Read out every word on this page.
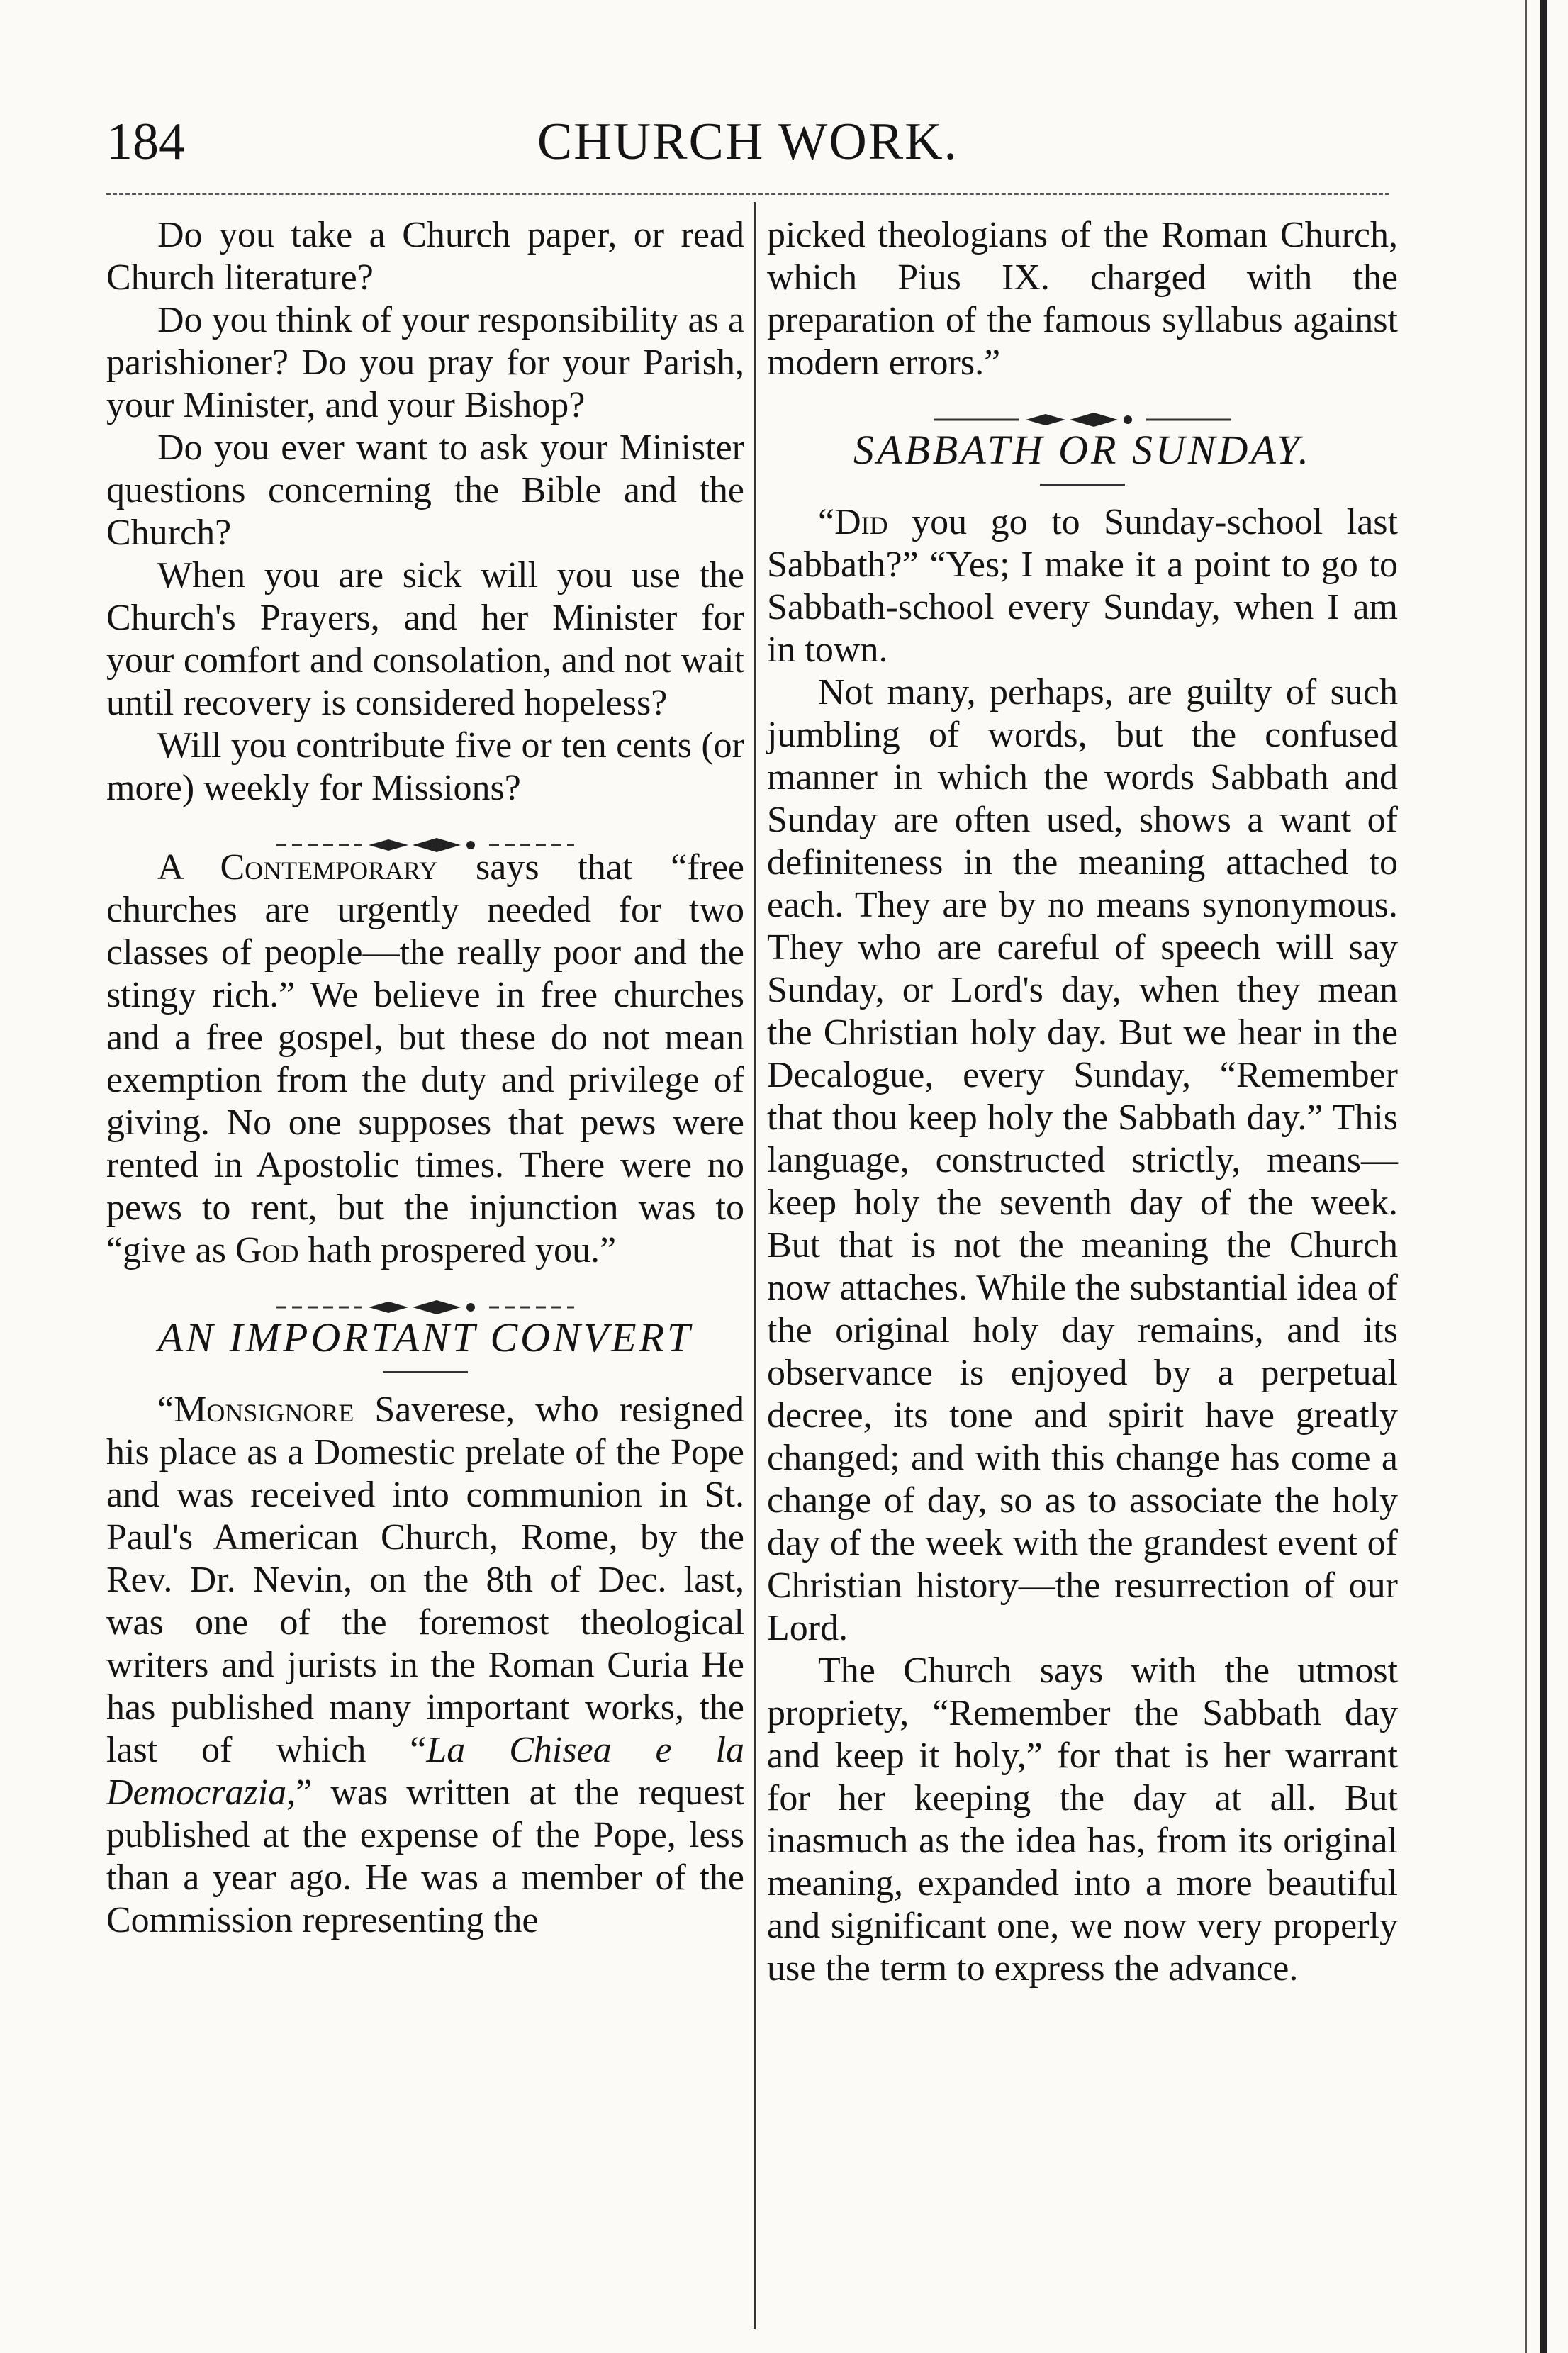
184	CHURCH WORK.

Do you take a Church paper, or read Church literature?

Do you think of your responsibility as a parishioner? Do you pray for your Parish, your Minister, and your Bishop?

Do you ever want to ask your Minister questions concerning the Bible and the Church?

When you are sick will you use the Church's Prayers, and her Minister for your comfort and consolation, and not wait until recovery is considered hopeless?

Will you contribute five or ten cents (or more) weekly for Missions?

A Contemporary says that “free churches are urgently needed for two classes of people—the really poor and the stingy rich.” We believe in free churches and a free gospel, but these do not mean exemption from the duty and privilege of giving. No one supposes that pews were rented in Apostolic times. There were no pews to rent, but the injunction was to “give as God hath prospered you.”

AN IMPORTANT CONVERT

“Monsignore Saverese, who resigned his place as a Domestic prelate of the Pope and was received into communion in St. Paul's American Church, Rome, by the Rev. Dr. Nevin, on the 8th of Dec. last, was one of the foremost theological writers and jurists in the Roman Curia He has published many important works, the last of which “La Chisea e la Democrazia,” was written at the request published at the expense of the Pope, less than a year ago. He was a member of the Commission representing the

picked theologians of the Roman Church, which Pius IX. charged with the preparation of the famous syllabus against modern errors.”

SABBATH OR SUNDAY.

“Did you go to Sunday-school last Sabbath?” “Yes; I make it a point to go to Sabbath-school every Sunday, when I am in town.

Not many, perhaps, are guilty of such jumbling of words, but the confused manner in which the words Sabbath and Sunday are often used, shows a want of definiteness in the meaning attached to each. They are by no means synonymous. They who are careful of speech will say Sunday, or Lord's day, when they mean the Christian holy day. But we hear in the Decalogue, every Sunday, “Remember that thou keep holy the Sabbath day.” This language, constructed strictly, means—keep holy the seventh day of the week. But that is not the meaning the Church now attaches. While the substantial idea of the original holy day remains, and its observance is enjoyed by a perpetual decree, its tone and spirit have greatly changed; and with this change has come a change of day, so as to associate the holy day of the week with the grandest event of Christian history—the resurrection of our Lord.

The Church says with the utmost propriety, “Remember the Sabbath day and keep it holy,” for that is her warrant for her keeping the day at all. But inasmuch as the idea has, from its original meaning, expanded into a more beautiful and significant one, we now very properly use the term to express the advance.
